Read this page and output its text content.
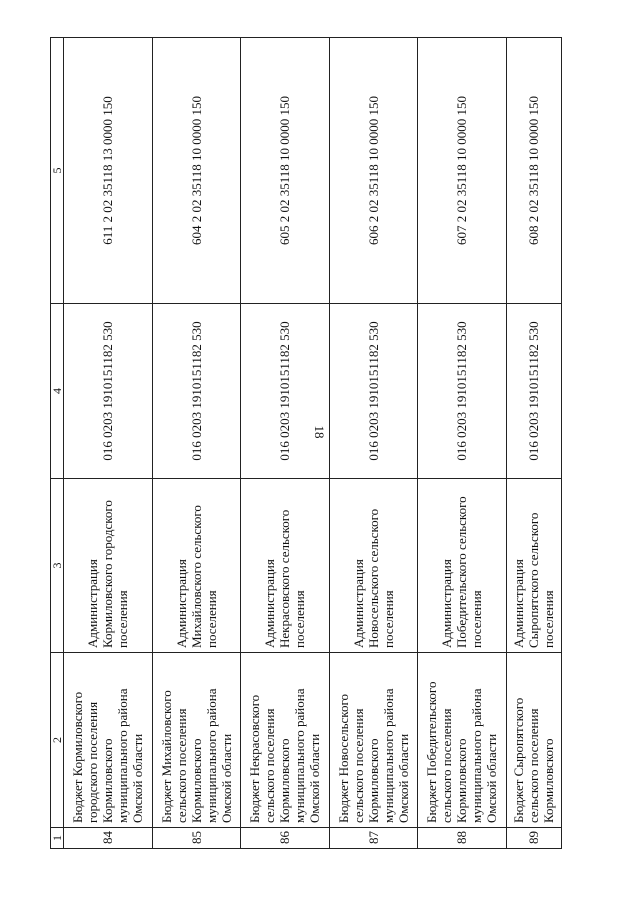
18
1	2	3	4	5
84	Бюджет Кормиловского городского поселения Кормиловского муниципального района Омской области	Администрация Кормиловского городского поселения	016 0203 1910151182 530	611 2 02 35118 13 0000 150
85	Бюджет Михайловского сельского поселения Кормиловского муниципального района Омской области	Администрация Михайловского сельского поселения	016 0203 1910151182 530	604 2 02 35118 10 0000 150
86	Бюджет Некрасовского сельского поселения Кормиловского муниципального района Омской области	Администрация Некрасовского сельского поселения	016 0203 1910151182 530	605 2 02 35118 10 0000 150
87	Бюджет Новосельского сельского поселения Кормиловского муниципального района Омской области	Администрация Новосельского сельского поселения	016 0203 1910151182 530	606 2 02 35118 10 0000 150
88	Бюджет Победительского сельского поселения Кормиловского муниципального района Омской области	Администрация Победительского сельского поселения	016 0203 1910151182 530	607 2 02 35118 10 0000 150
89	Бюджет Сыропятского сельского поселения Кормиловского	Администрация Сыропятского сельского поселения	016 0203 1910151182 530	608 2 02 35118 10 0000 150
